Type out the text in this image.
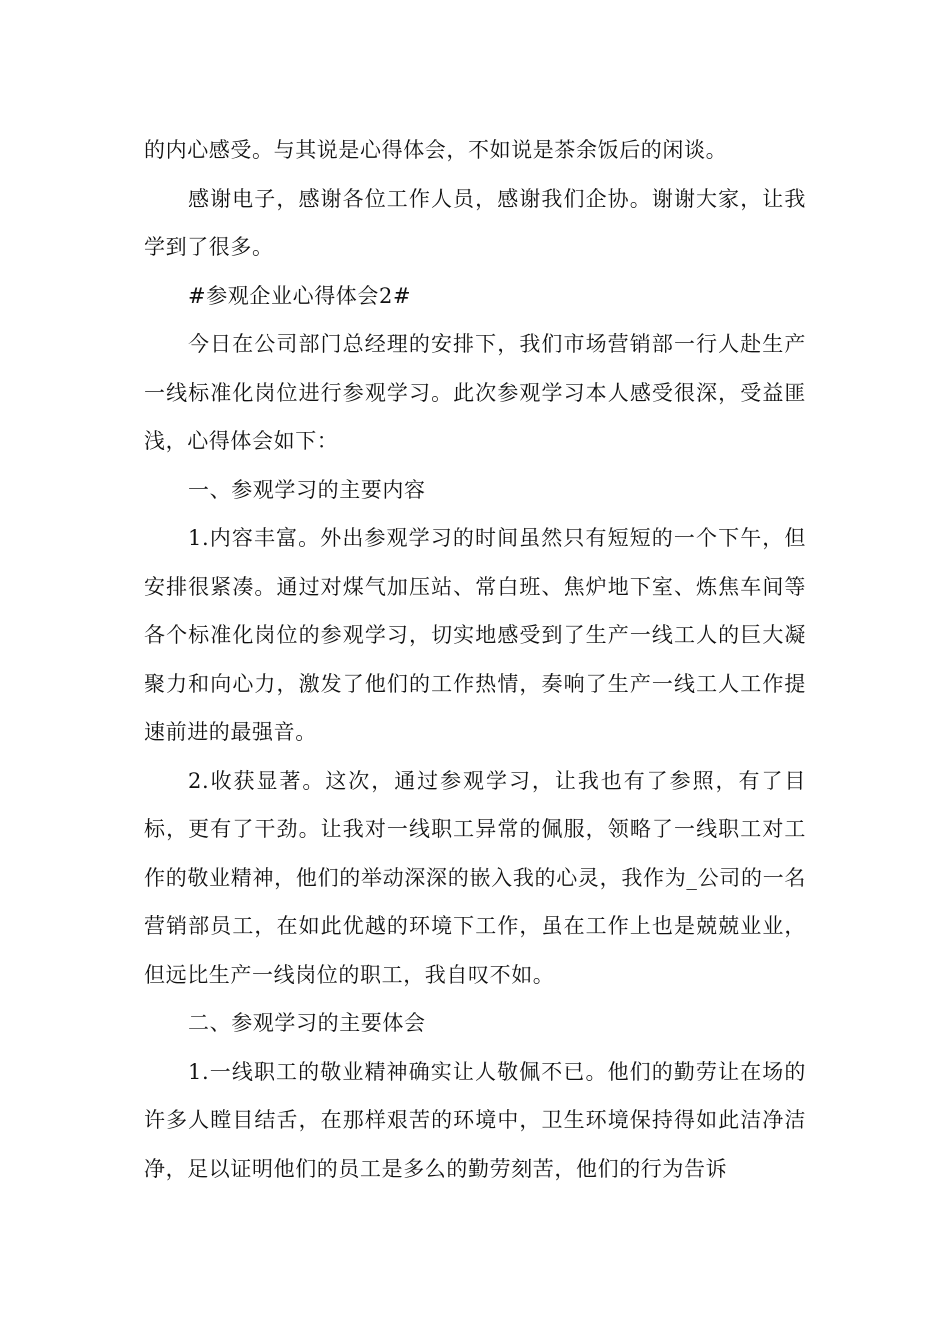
的内心感受。与其说是心得体会，不如说是茶余饭后的闲谈。

感谢电子，感谢各位工作人员，感谢我们企协。谢谢大家，让我学到了很多。

#参观企业心得体会2#

今日在公司部门总经理的安排下，我们市场营销部一行人赴生产一线标准化岗位进行参观学习。此次参观学习本人感受很深，受益匪浅，心得体会如下：

一、参观学习的主要内容

1.内容丰富。外出参观学习的时间虽然只有短短的一个下午，但安排很紧凑。通过对煤气加压站、常白班、焦炉地下室、炼焦车间等各个标准化岗位的参观学习，切实地感受到了生产一线工人的巨大凝聚力和向心力，激发了他们的工作热情，奏响了生产一线工人工作提速前进的最强音。

2.收获显著。这次，通过参观学习，让我也有了参照，有了目标，更有了干劲。让我对一线职工异常的佩服，领略了一线职工对工作的敬业精神，他们的举动深深的嵌入我的心灵，我作为_公司的一名营销部员工，在如此优越的环境下工作，虽在工作上也是兢兢业业，但远比生产一线岗位的职工，我自叹不如。

二、参观学习的主要体会

1.一线职工的敬业精神确实让人敬佩不已。他们的勤劳让在场的许多人瞠目结舌，在那样艰苦的环境中，卫生环境保持得如此洁净洁净，足以证明他们的员工是多么的勤劳刻苦，他们的行为告诉
